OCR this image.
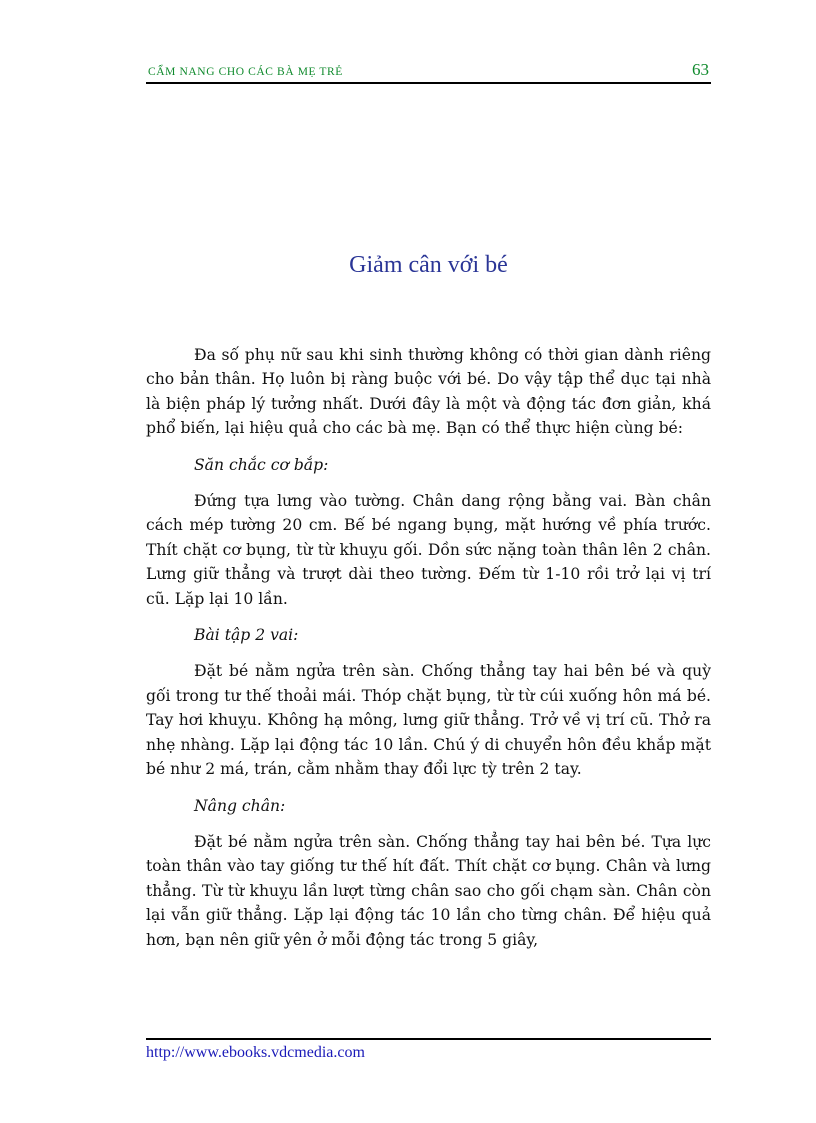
CẨM NANG CHO CÁC BÀ MẸ TRẺ	63
Giảm cân với bé

Đa số phụ nữ sau khi sinh thường không có thời gian dành riêng cho bản thân. Họ luôn bị ràng buộc với bé. Do vậy tập thể dục tại nhà là biện pháp lý tưởng nhất. Dưới đây là một và động tác đơn giản, khá phổ biến, lại hiệu quả cho các bà mẹ. Bạn có thể thực hiện cùng bé:

Săn chắc cơ bắp:

Đứng tựa lưng vào tường. Chân dang rộng bằng vai. Bàn chân cách mép tường 20 cm. Bế bé ngang bụng, mặt hướng về phía trước. Thít chặt cơ bụng, từ từ khuỵu gối. Dồn sức nặng toàn thân lên 2 chân. Lưng giữ thẳng và trượt dài theo tường. Đếm từ 1-10 rồi trở lại vị trí cũ. Lặp lại 10 lần.

Bài tập 2 vai:

Đặt bé nằm ngửa trên sàn. Chống thẳng tay hai bên bé và quỳ gối trong tư thế thoải mái. Thóp chặt bụng, từ từ cúi xuống hôn má bé. Tay hơi khuỵu. Không hạ mông, lưng giữ thẳng. Trở về vị trí cũ. Thở ra nhẹ nhàng. Lặp lại động tác 10 lần. Chú ý di chuyển hôn đều khắp mặt bé như 2 má, trán, cằm nhằm thay đổi lực tỳ trên 2 tay.

Nâng chân:

Đặt bé nằm ngửa trên sàn. Chống thẳng tay hai bên bé. Tựa lực toàn thân vào tay giống tư thế hít đất. Thít chặt cơ bụng. Chân và lưng thẳng. Từ từ khuỵu lần lượt từng chân sao cho gối chạm sàn. Chân còn lại vẫn giữ thẳng. Lặp lại động tác 10 lần cho từng chân. Để hiệu quả hơn, bạn nên giữ yên ở mỗi động tác trong 5 giây,

http://www.ebooks.vdcmedia.com
